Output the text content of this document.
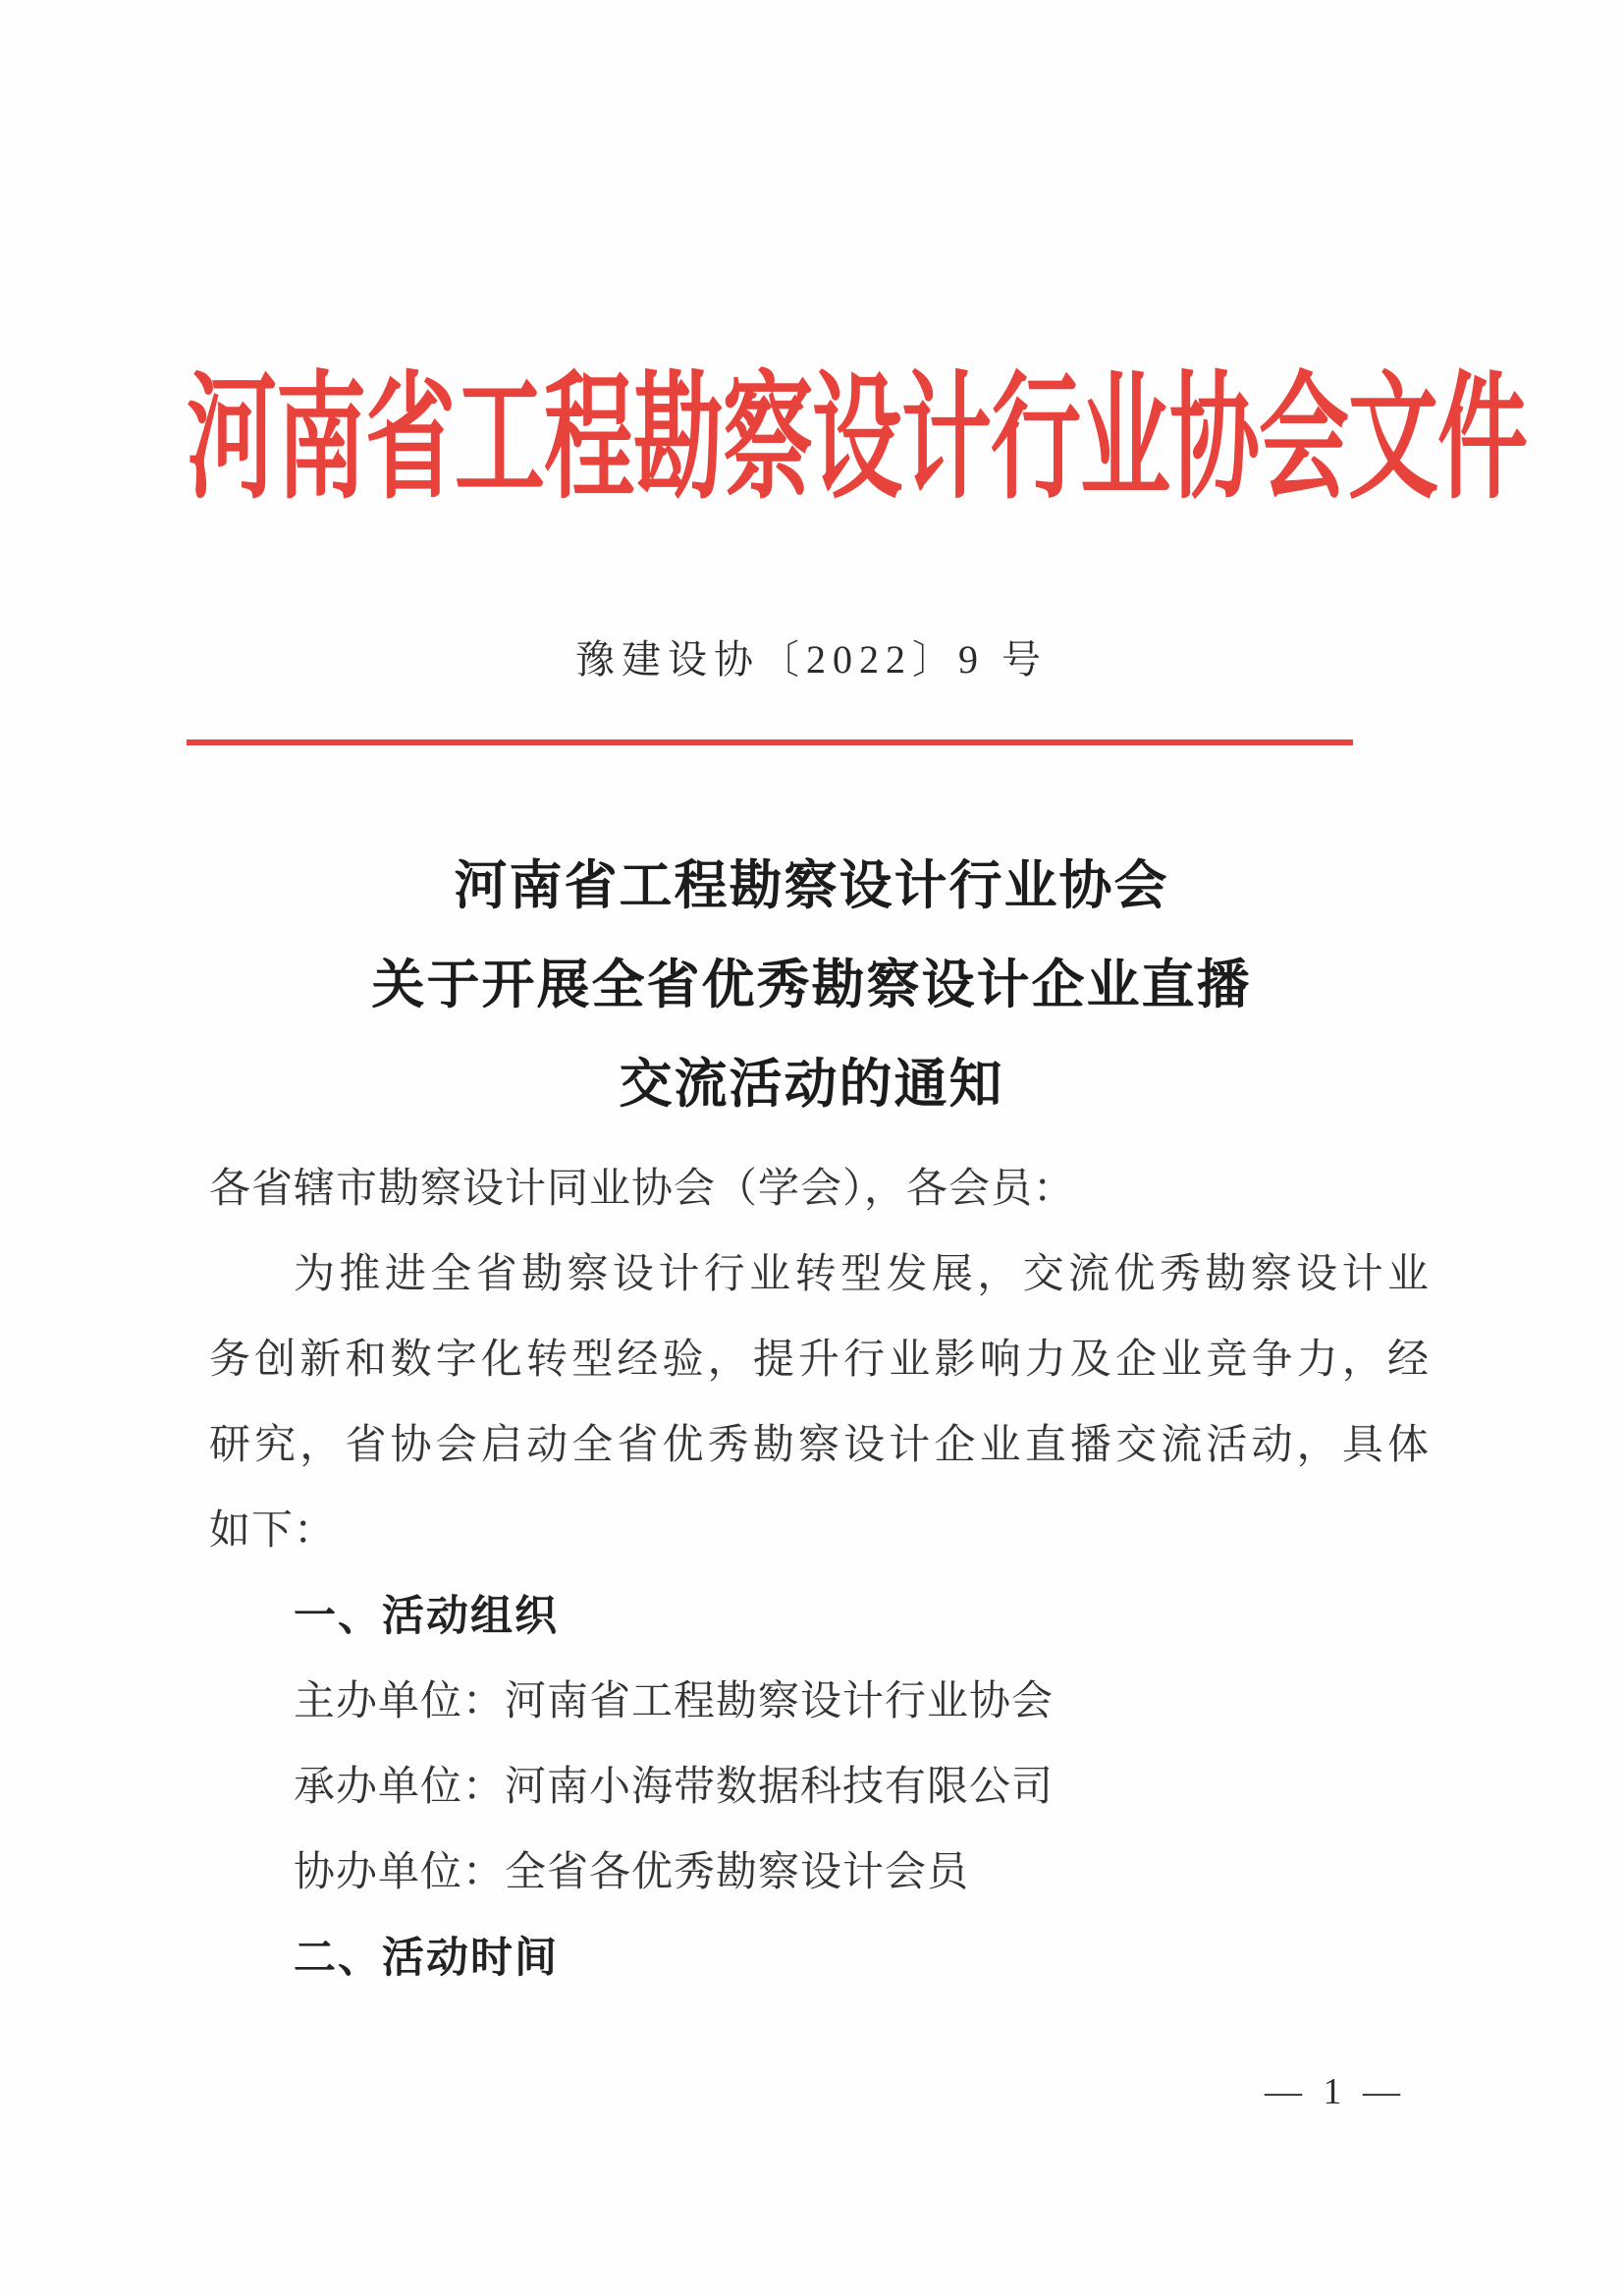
河南省工程勘察设计行业协会文件
豫建设协〔2022〕9 号
河南省工程勘察设计行业协会
关于开展全省优秀勘察设计企业直播
交流活动的通知
各省辖市勘察设计同业协会（学会），各会员：
为推进全省勘察设计行业转型发展，交流优秀勘察设计业
务创新和数字化转型经验，提升行业影响力及企业竞争力，经
研究，省协会启动全省优秀勘察设计企业直播交流活动，具体
如下：
一、活动组织
主办单位：河南省工程勘察设计行业协会
承办单位：河南小海带数据科技有限公司
协办单位：全省各优秀勘察设计会员
二、活动时间
— 1 —
